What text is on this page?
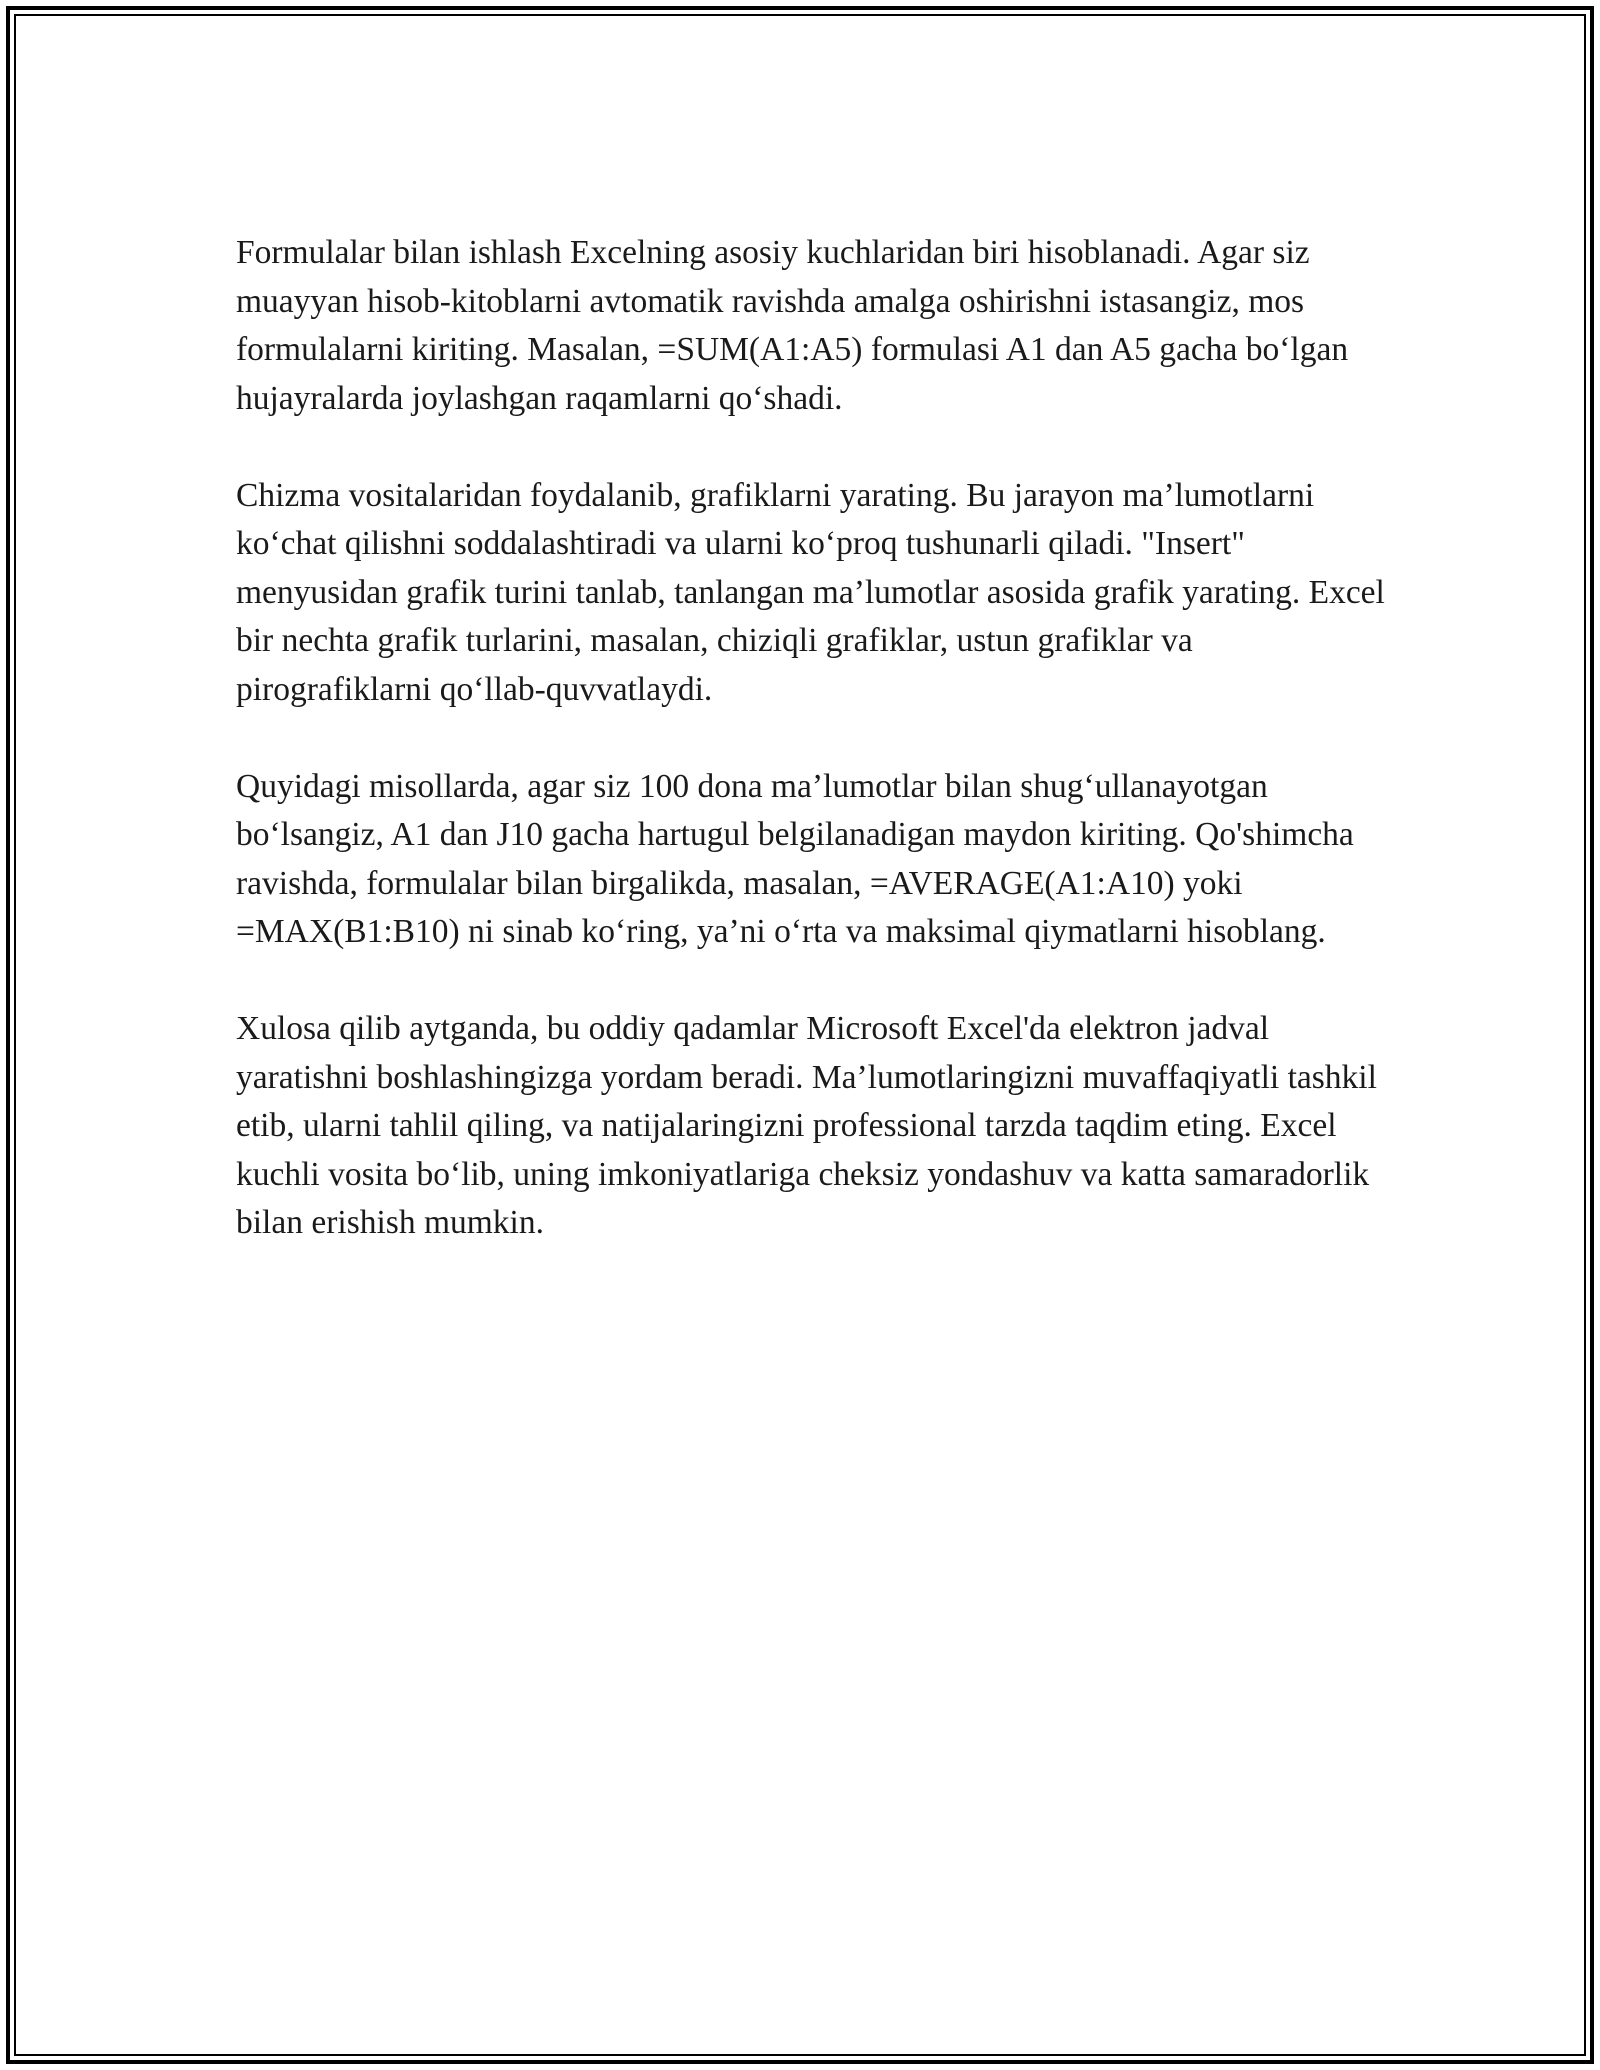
Formulalar bilan ishlash Excelning asosiy kuchlaridan biri hisoblanadi. Agar siz muayyan hisob-kitoblarni avtomatik ravishda amalga oshirishni istasangiz, mos formulalarni kiriting. Masalan, =SUM(A1:A5) formulasi A1 dan A5 gacha bo‘lgan hujayralarda joylashgan raqamlarni qo‘shadi.

Chizma vositalaridan foydalanib, grafiklarni yarating. Bu jarayon ma’lumotlarni ko‘chat qilishni soddalashtiradi va ularni ko‘proq tushunarli qiladi. "Insert" menyusidan grafik turini tanlab, tanlangan ma’lumotlar asosida grafik yarating. Excel bir nechta grafik turlarini, masalan, chiziqli grafiklar, ustun grafiklar va pirografiklarni qo‘llab-quvvatlaydi.

Quyidagi misollarda, agar siz 100 dona ma’lumotlar bilan shug‘ullanayotgan bo‘lsangiz, A1 dan J10 gacha hartugul belgilanadigan maydon kiriting. Qo'shimcha ravishda, formulalar bilan birgalikda, masalan, =AVERAGE(A1:A10) yoki =MAX(B1:B10) ni sinab ko‘ring, ya’ni o‘rta va maksimal qiymatlarni hisoblang.

Xulosa qilib aytganda, bu oddiy qadamlar Microsoft Excel'da elektron jadval yaratishni boshlashingizga yordam beradi. Ma’lumotlaringizni muvaffaqiyatli tashkil etib, ularni tahlil qiling, va natijalaringizni professional tarzda taqdim eting. Excel kuchli vosita bo‘lib, uning imkoniyatlariga cheksiz yondashuv va katta samaradorlik bilan erishish mumkin.
